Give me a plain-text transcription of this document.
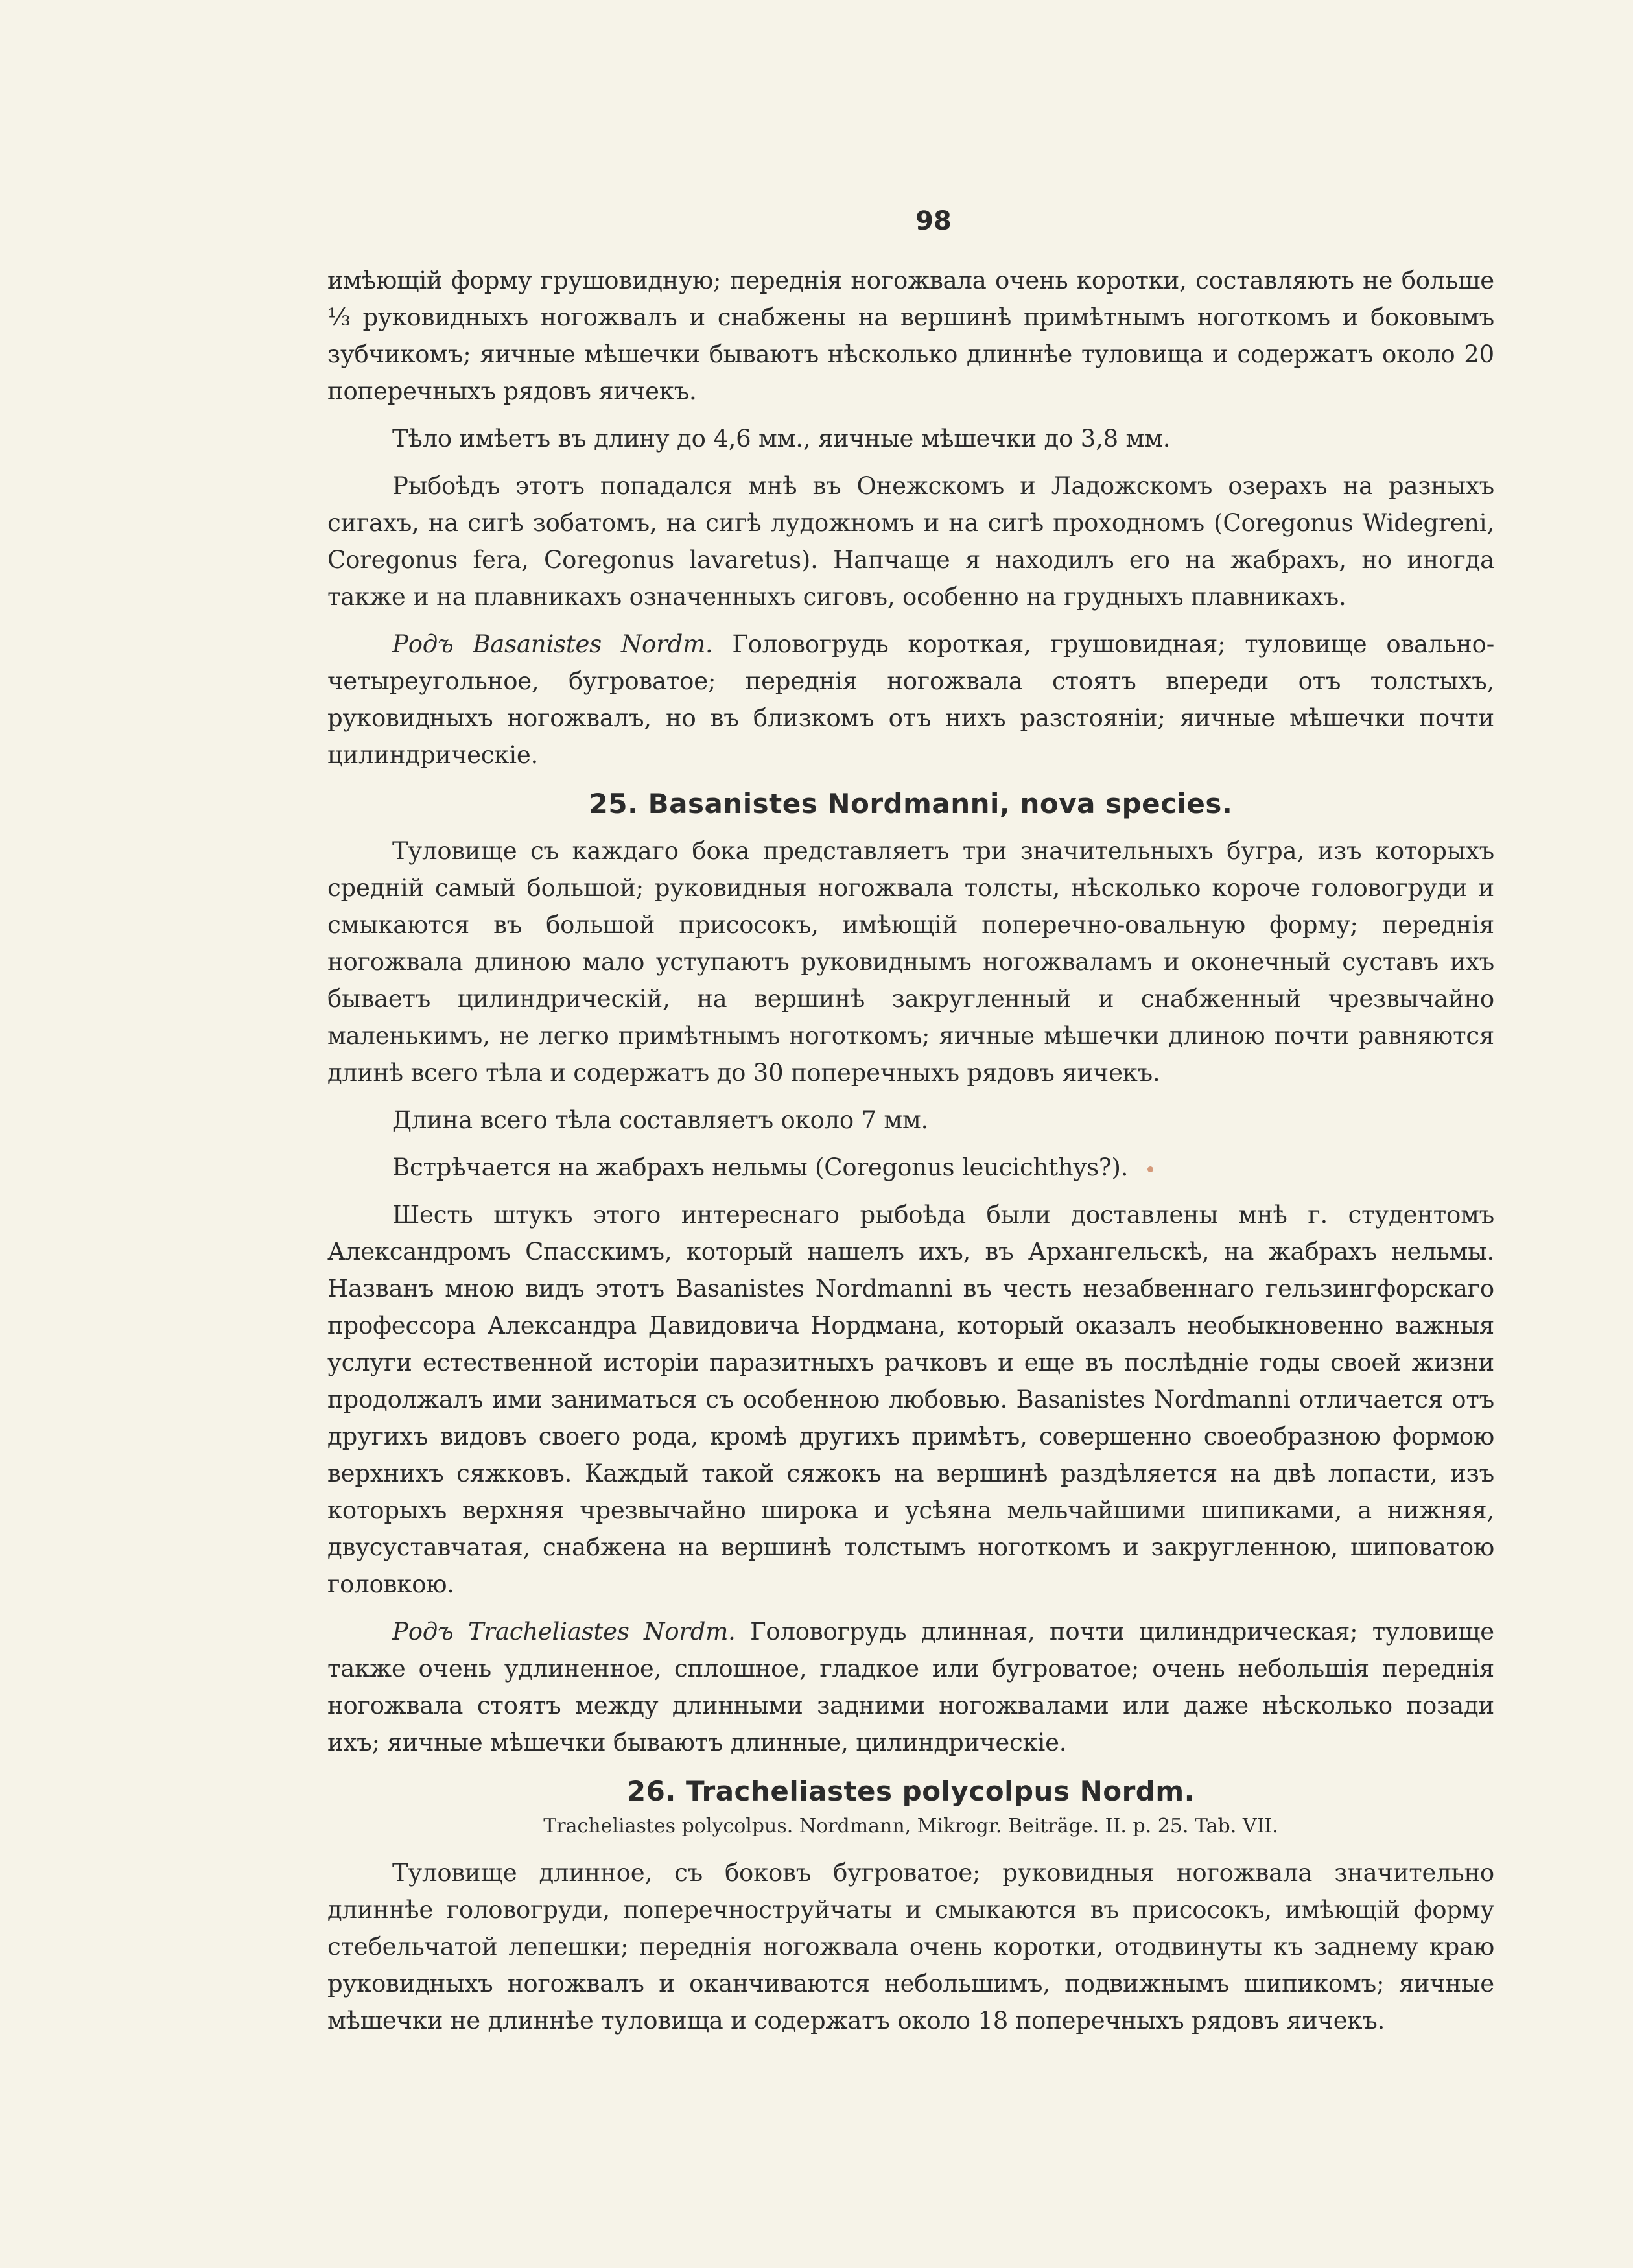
98

имѣющій форму грушовидную; переднія ногожвала очень коротки, составляють не больше ⅓ руковидныхъ ногожвалъ и снабжены на вершинѣ примѣтнымъ ноготкомъ и боковымъ зубчикомъ; яичные мѣшечки бываютъ нѣсколько длиннѣе туловища и содержатъ около 20 поперечныхъ рядовъ яичекъ.

Тѣло имѣетъ въ длину до 4,6 мм., яичные мѣшечки до 3,8 мм.

Рыбоѣдъ этотъ попадался мнѣ въ Онежскомъ и Ладожскомъ озерахъ на разныхъ сигахъ, на сигѣ зобатомъ, на сигѣ лудожномъ и на сигѣ проходномъ (Coregonus Widegreni, Coregonus fera, Coregonus lavaretus). Напчаще я находилъ его на жабрахъ, но иногда также и на плавникахъ означенныхъ сиговъ, особенно на грудныхъ плавникахъ.

Родъ Basanistes Nordm. Головогрудь короткая, грушовидная; туловище овально-четыреугольное, бугроватое; переднія ногожвала стоятъ впереди отъ толстыхъ, руковидныхъ ногожвалъ, но въ близкомъ отъ нихъ разстояніи; яичные мѣшечки почти цилиндрическіе.

25. Basanistes Nordmanni, nova species.

Туловище съ каждаго бока представляетъ три значительныхъ бугра, изъ которыхъ средній самый большой; руковидныя ногожвала толсты, нѣсколько короче головогруди и смыкаются въ большой присосокъ, имѣющій поперечно-овальную форму; переднія ногожвала длиною мало уступаютъ руковиднымъ ногожваламъ и оконечный суставъ ихъ бываетъ цилиндрическій, на вершинѣ закругленный и снабженный чрезвычайно маленькимъ, не легко примѣтнымъ ноготкомъ; яичные мѣшечки длиною почти равняются длинѣ всего тѣла и содержатъ до 30 поперечныхъ рядовъ яичекъ.

Длина всего тѣла составляетъ около 7 мм.

Встрѣчается на жабрахъ нельмы (Coregonus leucichthys?).

Шесть штукъ этого интереснаго рыбоѣда были доставлены мнѣ г. студентомъ Александромъ Спасскимъ, который нашелъ ихъ, въ Архангельскѣ, на жабрахъ нельмы. Названъ мною видъ этотъ Basanistes Nordmanni въ честь незабвеннаго гельзингфорскаго профессора Александра Давидовича Нордмана, который оказалъ необыкновенно важныя услуги естественной исторіи паразитныхъ рачковъ и еще въ послѣдніе годы своей жизни продолжалъ ими заниматься съ особенною любовью. Basanistes Nordmanni отличается отъ другихъ видовъ своего рода, кромѣ другихъ примѣтъ, совершенно своеобразною формою верхнихъ сяжковъ. Каждый такой сяжокъ на вершинѣ раздѣляется на двѣ лопасти, изъ которыхъ верхняя чрезвычайно широка и усѣяна мельчайшими шипиками, а нижняя, двусуставчатая, снабжена на вершинѣ толстымъ ноготкомъ и закругленною, шиповатою головкою.

Родъ Tracheliastes Nordm. Головогрудь длинная, почти цилиндрическая; туловище также очень удлиненное, сплошное, гладкое или бугроватое; очень небольшія переднія ногожвала стоятъ между длинными задними ногожвалами или даже нѣсколько позади ихъ; яичные мѣшечки бываютъ длинные, цилиндрическіе.

26. Tracheliastes polycolpus Nordm.
Tracheliastes polycolpus. Nordmann, Mikrogr. Beiträge. II. p. 25. Tab. VII.

Туловище длинное, съ боковъ бугроватое; руковидныя ногожвала значительно длиннѣе головогруди, поперечноструйчаты и смыкаются въ присосокъ, имѣющій форму стебельчатой лепешки; переднія ногожвала очень коротки, отодвинуты къ заднему краю руковидныхъ ногожвалъ и оканчиваются небольшимъ, подвижнымъ шипикомъ; яичные мѣшечки не длиннѣе туловища и содержатъ около 18 поперечныхъ рядовъ яичекъ.
